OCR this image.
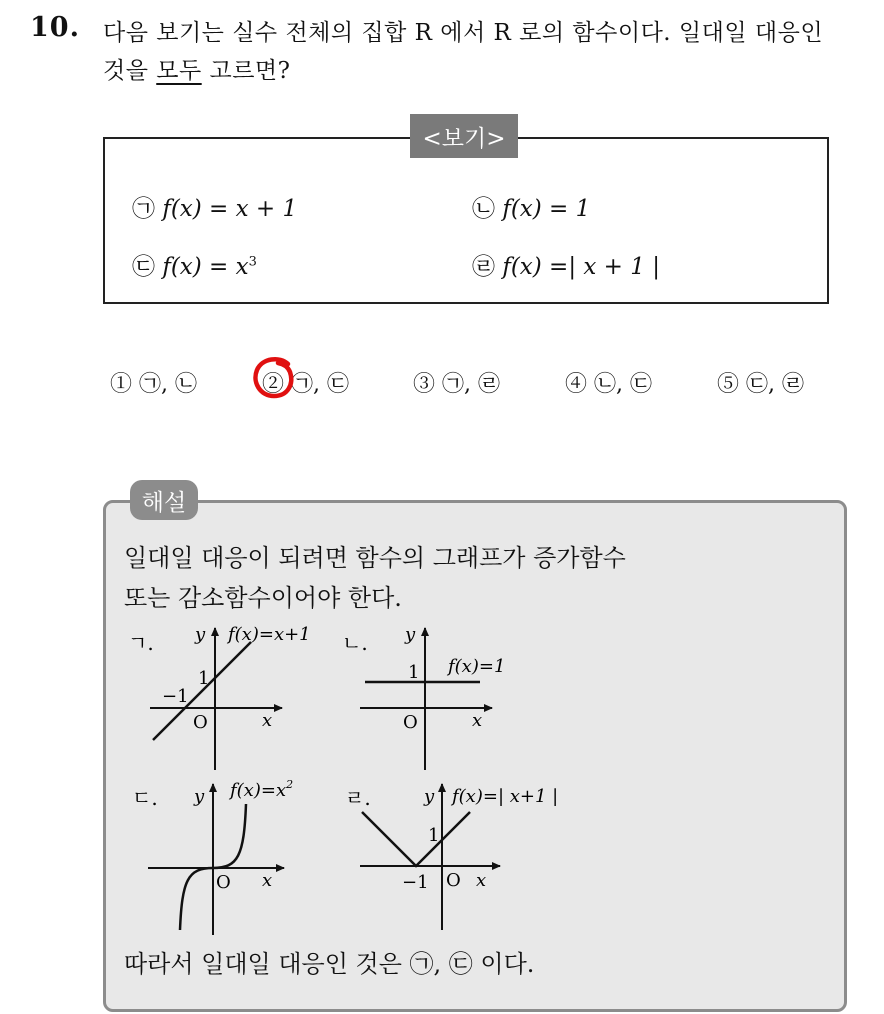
10. 다음 보기는 실수 전체의 집합 R 에서 R 로의 함수이다. 일대일 대응인
것을 모두 고르면?
<보기>
㉠ f(x) = x + 1	㉡ f(x) = 1
㉢ $f(x) = x^3$	㉣ f(x) =| x + 1 |
① ㉠, ㉡	② ㉠, ㉢	③ ㉠, ㉣	④ ㉡, ㉢	⑤ ㉢, ㉣
해설
일대일 대응이 되려면 함수의 그래프가 증가함수
또는 감소함수이어야 한다.
ㄱ. y f(x)=x+1
1
−1
O	x
ㄴ. y
f(x)=1
1
O	x
ㄷ. y $f(x)=x^2$
O x
ㄹ.	y f(x)=| x+1 |
1
−1 O x
따라서 일대일 대응인 것은 ㉠, ㉢ 이다.
